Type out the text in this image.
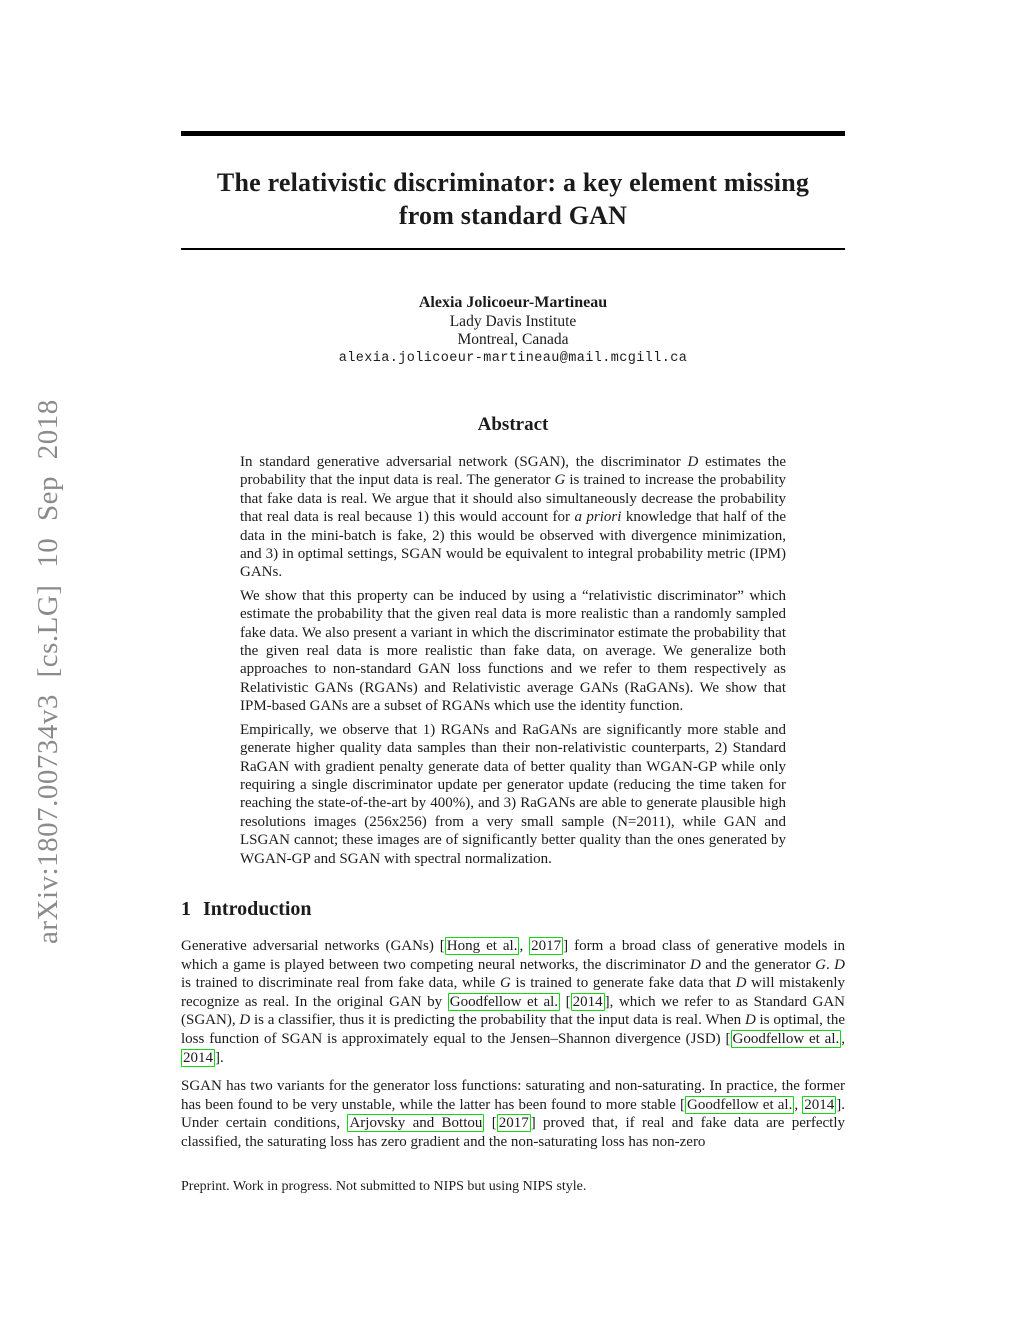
arXiv:1807.00734v3 [cs.LG] 10 Sep 2018
The relativistic discriminator: a key element missing
from standard GAN
Alexia Jolicoeur-Martineau
Lady Davis Institute
Montreal, Canada
alexia.jolicoeur-martineau@mail.mcgill.ca
Abstract

In standard generative adversarial network (SGAN), the discriminator D estimates the probability that the input data is real. The generator G is trained to increase the probability that fake data is real. We argue that it should also simultaneously decrease the probability that real data is real because 1) this would account for a priori knowledge that half of the data in the mini-batch is fake, 2) this would be observed with divergence minimization, and 3) in optimal settings, SGAN would be equivalent to integral probability metric (IPM) GANs.

We show that this property can be induced by using a “relativistic discriminator” which estimate the probability that the given real data is more realistic than a randomly sampled fake data. We also present a variant in which the discriminator estimate the probability that the given real data is more realistic than fake data, on average. We generalize both approaches to non-standard GAN loss functions and we refer to them respectively as Relativistic GANs (RGANs) and Relativistic average GANs (RaGANs). We show that IPM-based GANs are a subset of RGANs which use the identity function.

Empirically, we observe that 1) RGANs and RaGANs are significantly more stable and generate higher quality data samples than their non-relativistic counterparts, 2) Standard RaGAN with gradient penalty generate data of better quality than WGAN-GP while only requiring a single discriminator update per generator update (reducing the time taken for reaching the state-of-the-art by 400%), and 3) RaGANs are able to generate plausible high resolutions images (256x256) from a very small sample (N=2011), while GAN and LSGAN cannot; these images are of significantly better quality than the ones generated by WGAN-GP and SGAN with spectral normalization.

1 Introduction

Generative adversarial networks (GANs) [ Hong et al. , 2017 ] form a broad class of generative models in which a game is played between two competing neural networks, the discriminator D and the generator G. D is trained to discriminate real from fake data, while G is trained to generate fake data that D will mistakenly recognize as real. In the original GAN by Goodfellow et al. [ 2014 ], which we refer to as Standard GAN (SGAN), D is a classifier, thus it is predicting the probability that the input data is real. When D is optimal, the loss function of SGAN is approximately equal to the Jensen–Shannon divergence (JSD) [ Goodfellow et al. , 2014 ].

SGAN has two variants for the generator loss functions: saturating and non-saturating. In practice, the former has been found to be very unstable, while the latter has been found to more stable [ Goodfellow et al. , 2014 ]. Under certain conditions, Arjovsky and Bottou [ 2017 ] proved that, if real and fake data are perfectly classified, the saturating loss has zero gradient and the non-saturating loss has non-zero

Preprint. Work in progress. Not submitted to NIPS but using NIPS style.
